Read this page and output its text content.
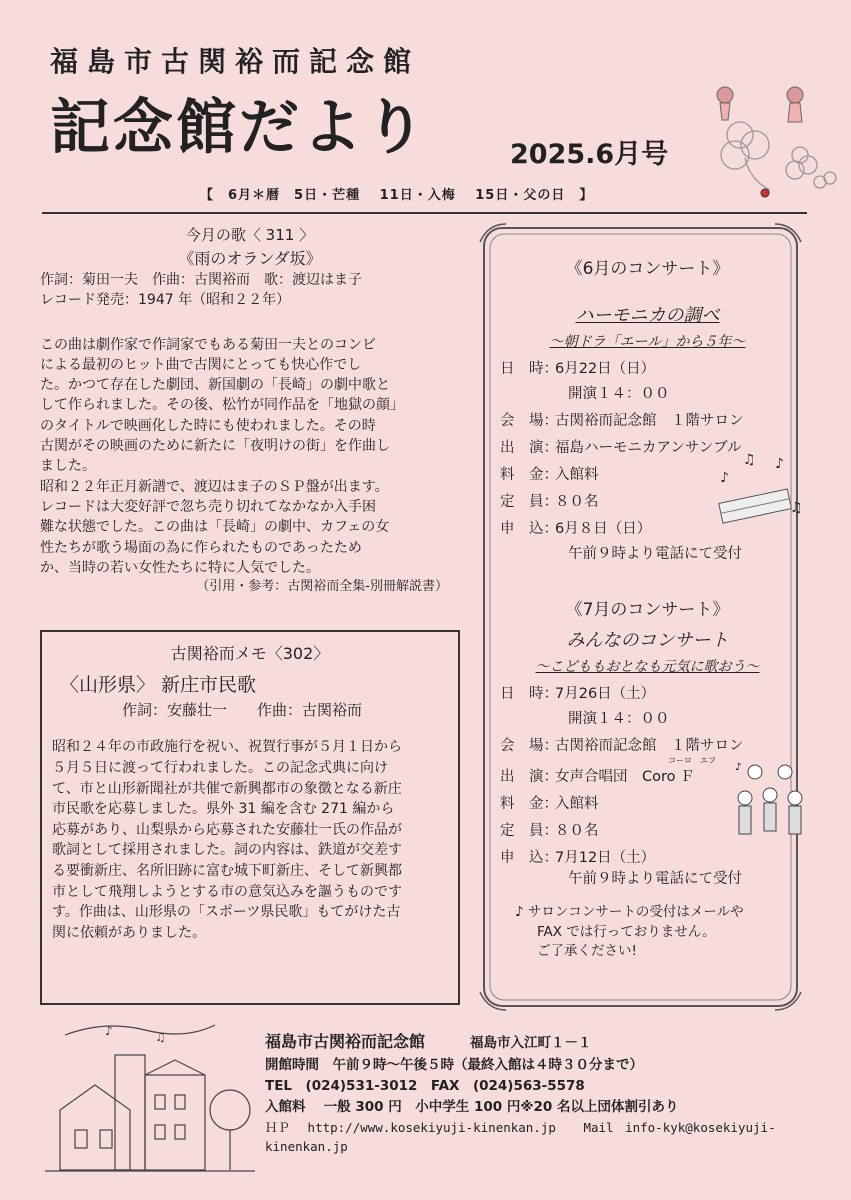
福島市古関裕而記念館
記念館だより	2025.6月号
【　6月＊暦　5日・芒種　 11日・入梅　 15日・父の日　】
今月の歌〈 311 〉
《雨のオランダ坂》
作詞：菊田一夫　作曲：古関裕而　歌：渡辺はま子
レコード発売：1947 年（昭和２２年）

この曲は劇作家で作詞家でもある菊田一夫とのコンビ

による最初のヒット曲で古関にとっても快心作でし

た。かつて存在した劇団、新国劇の「長崎」の劇中歌と

して作られました。その後、松竹が同作品を「地獄の顔」

のタイトルで映画化した時にも使われました。その時

古関がその映画のために新たに「夜明けの街」を作曲し

ました。

昭和２２年正月新譜で、渡辺はま子のＳＰ盤が出ます。

レコードは大変好評で忽ち売り切れてなかなか入手困

難な状態でした。この曲は「長崎」の劇中、カフェの女

性たちが歌う場面の為に作られたものであったため

か、当時の若い女性たちに特に人気でした。

（引用・参考：古関裕而全集-別冊解説書）
古関裕而メモ〈302〉
〈山形県〉 新庄市民歌
作詞：安藤壮一　　作曲：古関裕而

昭和２４年の市政施行を祝い、祝賀行事が５月１日から

５月５日に渡って行われました。この記念式典に向け

て、市と山形新聞社が共催で新興都市の象徴となる新庄

市民歌を応募しました。県外 31 編を含む 271 編から

応募があり、山梨県から応募された安藤壮一氏の作品が

歌詞として採用されました。詞の内容は、鉄道が交差す

る要衝新庄、名所旧跡に富む城下町新庄、そして新興都

市として飛翔しようとする市の意気込みを謳うものです

す。作曲は、山形県の「スポーツ県民歌」もてがけた古

関に依頼がありました。

《6月のコンサート》
ハーモニカの調べ
～朝ドラ「エール」から５年～
日　時：
6月22日（日）
開演１４：００
会　場：
古関裕而記念館　１階サロン
出　演：
福島ハーモニカアンサンブル
料　金：
入館料
定　員：
８０名
申　込：
6月８日（日）
午前９時より電話にて受付
♪
♫ ♪
♫
《7月のコンサート》
みんなのコンサート
～こどももおとなも元気に歌おう～
日　時：
7月26日（土）
開演１４：００
会　場：
古関裕而記念館　１階サロン
出　演：
女声合唱団　Coro Ｆ
コーロ　エフ
料　金：
入館料
定　員：
８０名
申　込：
7月12日（土）
午前９時より電話にて受付
♪
♪ サロンコンサートの受付はメールや
FAX では行っておりません。
ご了承ください!
♪	♫	福島市古関裕而記念館	福島市入江町１－１
開館時間　午前９時～午後５時（最終入館は４時３０分まで）
TEL　(024)531-3012　FAX　(024)563-5578
入館料　 一般 300 円　小中学生 100 円※20 名以上団体割引あり
ＨＰ http://www.kosekiyuji-kinenkan.jp Mail info-kyk@kosekiyuji-kinenkan.jp
